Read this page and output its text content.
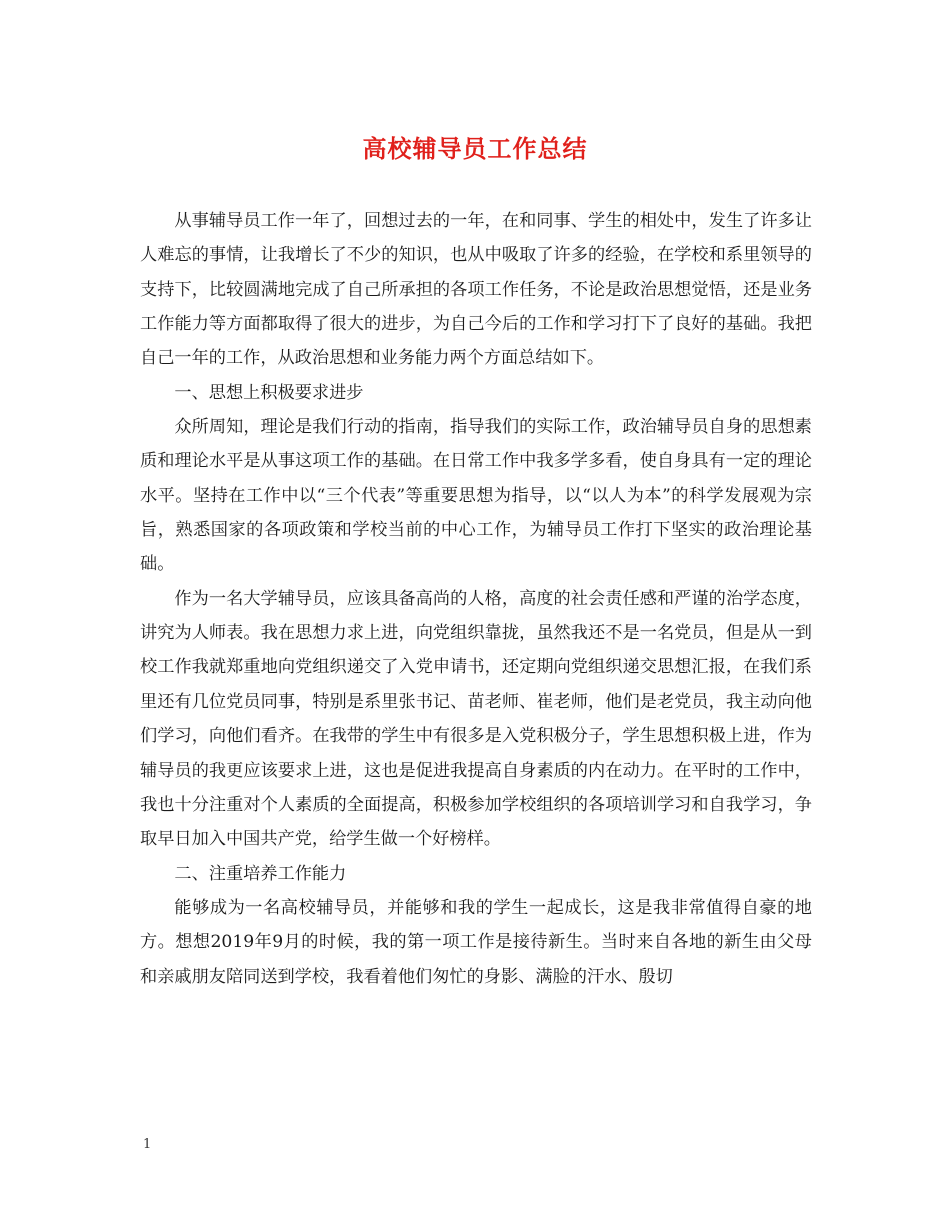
高校辅导员工作总结

从事辅导员工作一年了，回想过去的一年，在和同事、学生的相处中，发生了许多让人难忘的事情，让我增长了不少的知识，也从中吸取了许多的经验，在学校和系里领导的支持下，比较圆满地完成了自己所承担的各项工作任务，不论是政治思想觉悟，还是业务工作能力等方面都取得了很大的进步，为自己今后的工作和学习打下了良好的基础。我把自己一年的工作，从政治思想和业务能力两个方面总结如下。

一、思想上积极要求进步

众所周知，理论是我们行动的指南，指导我们的实际工作，政治辅导员自身的思想素质和理论水平是从事这项工作的基础。在日常工作中我多学多看，使自身具有一定的理论水平。坚持在工作中以“三个代表”等重要思想为指导，以“以人为本”的科学发展观为宗旨，熟悉国家的各项政策和学校当前的中心工作，为辅导员工作打下坚实的政治理论基础。

作为一名大学辅导员，应该具备高尚的人格，高度的社会责任感和严谨的治学态度，讲究为人师表。我在思想力求上进，向党组织靠拢，虽然我还不是一名党员，但是从一到校工作我就郑重地向党组织递交了入党申请书，还定期向党组织递交思想汇报，在我们系里还有几位党员同事，特别是系里张书记、苗老师、崔老师，他们是老党员，我主动向他们学习，向他们看齐。在我带的学生中有很多是入党积极分子，学生思想积极上进，作为辅导员的我更应该要求上进，这也是促进我提高自身素质的内在动力。在平时的工作中，我也十分注重对个人素质的全面提高，积极参加学校组织的各项培训学习和自我学习，争取早日加入中国共产党，给学生做一个好榜样。

二、注重培养工作能力

能够成为一名高校辅导员，并能够和我的学生一起成长，这是我非常值得自豪的地方。想想2019年9月的时候，我的第一项工作是接待新生。当时来自各地的新生由父母和亲戚朋友陪同送到学校，我看着他们匆忙的身影、满脸的汗水、殷切

1
